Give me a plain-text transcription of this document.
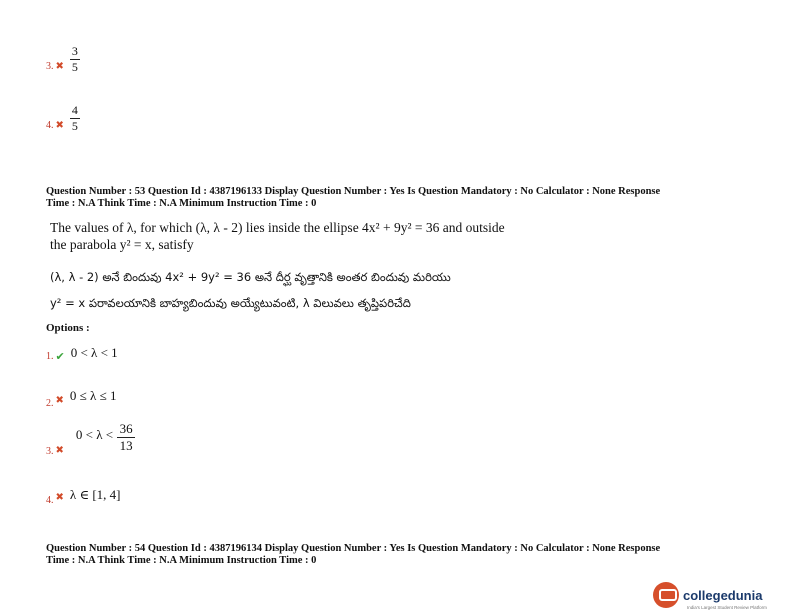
3. ✖ $\frac{3}{5}$
4. ✖ $\frac{4}{5}$
Question Number : 53 Question Id : 4387196133 Display Question Number : Yes Is Question Mandatory : No Calculator : None Response
Time : N.A Think Time : N.A Minimum Instruction Time : 0
The values of λ, for which (λ, λ - 2) lies inside the ellipse 4x² + 9y² = 36 and outside
the parabola y² = x, satisfy
(λ, λ - 2) అనే బిందువు 4x² + 9y² = 36 అనే దీర్ఘ వృత్తానికి అంతర బిందువు మరియు
y² = x పరావలయానికి బాహ్యబిందువు అయ్యేటువంటి, λ విలువలు తృప్తిపరిచేది
Options :
1. ✔ 0 < λ < 1
2. ✖ 0 ≤ λ ≤ 1
3. ✖
$0 < \lambda < \frac{36}{13}$
4. ✖ λ ∈ [1, 4]
Question Number : 54 Question Id : 4387196134 Display Question Number : Yes Is Question Mandatory : No Calculator : None Response
Time : N.A Think Time : N.A Minimum Instruction Time : 0
collegedunia
India's Largest Student Review Platform
